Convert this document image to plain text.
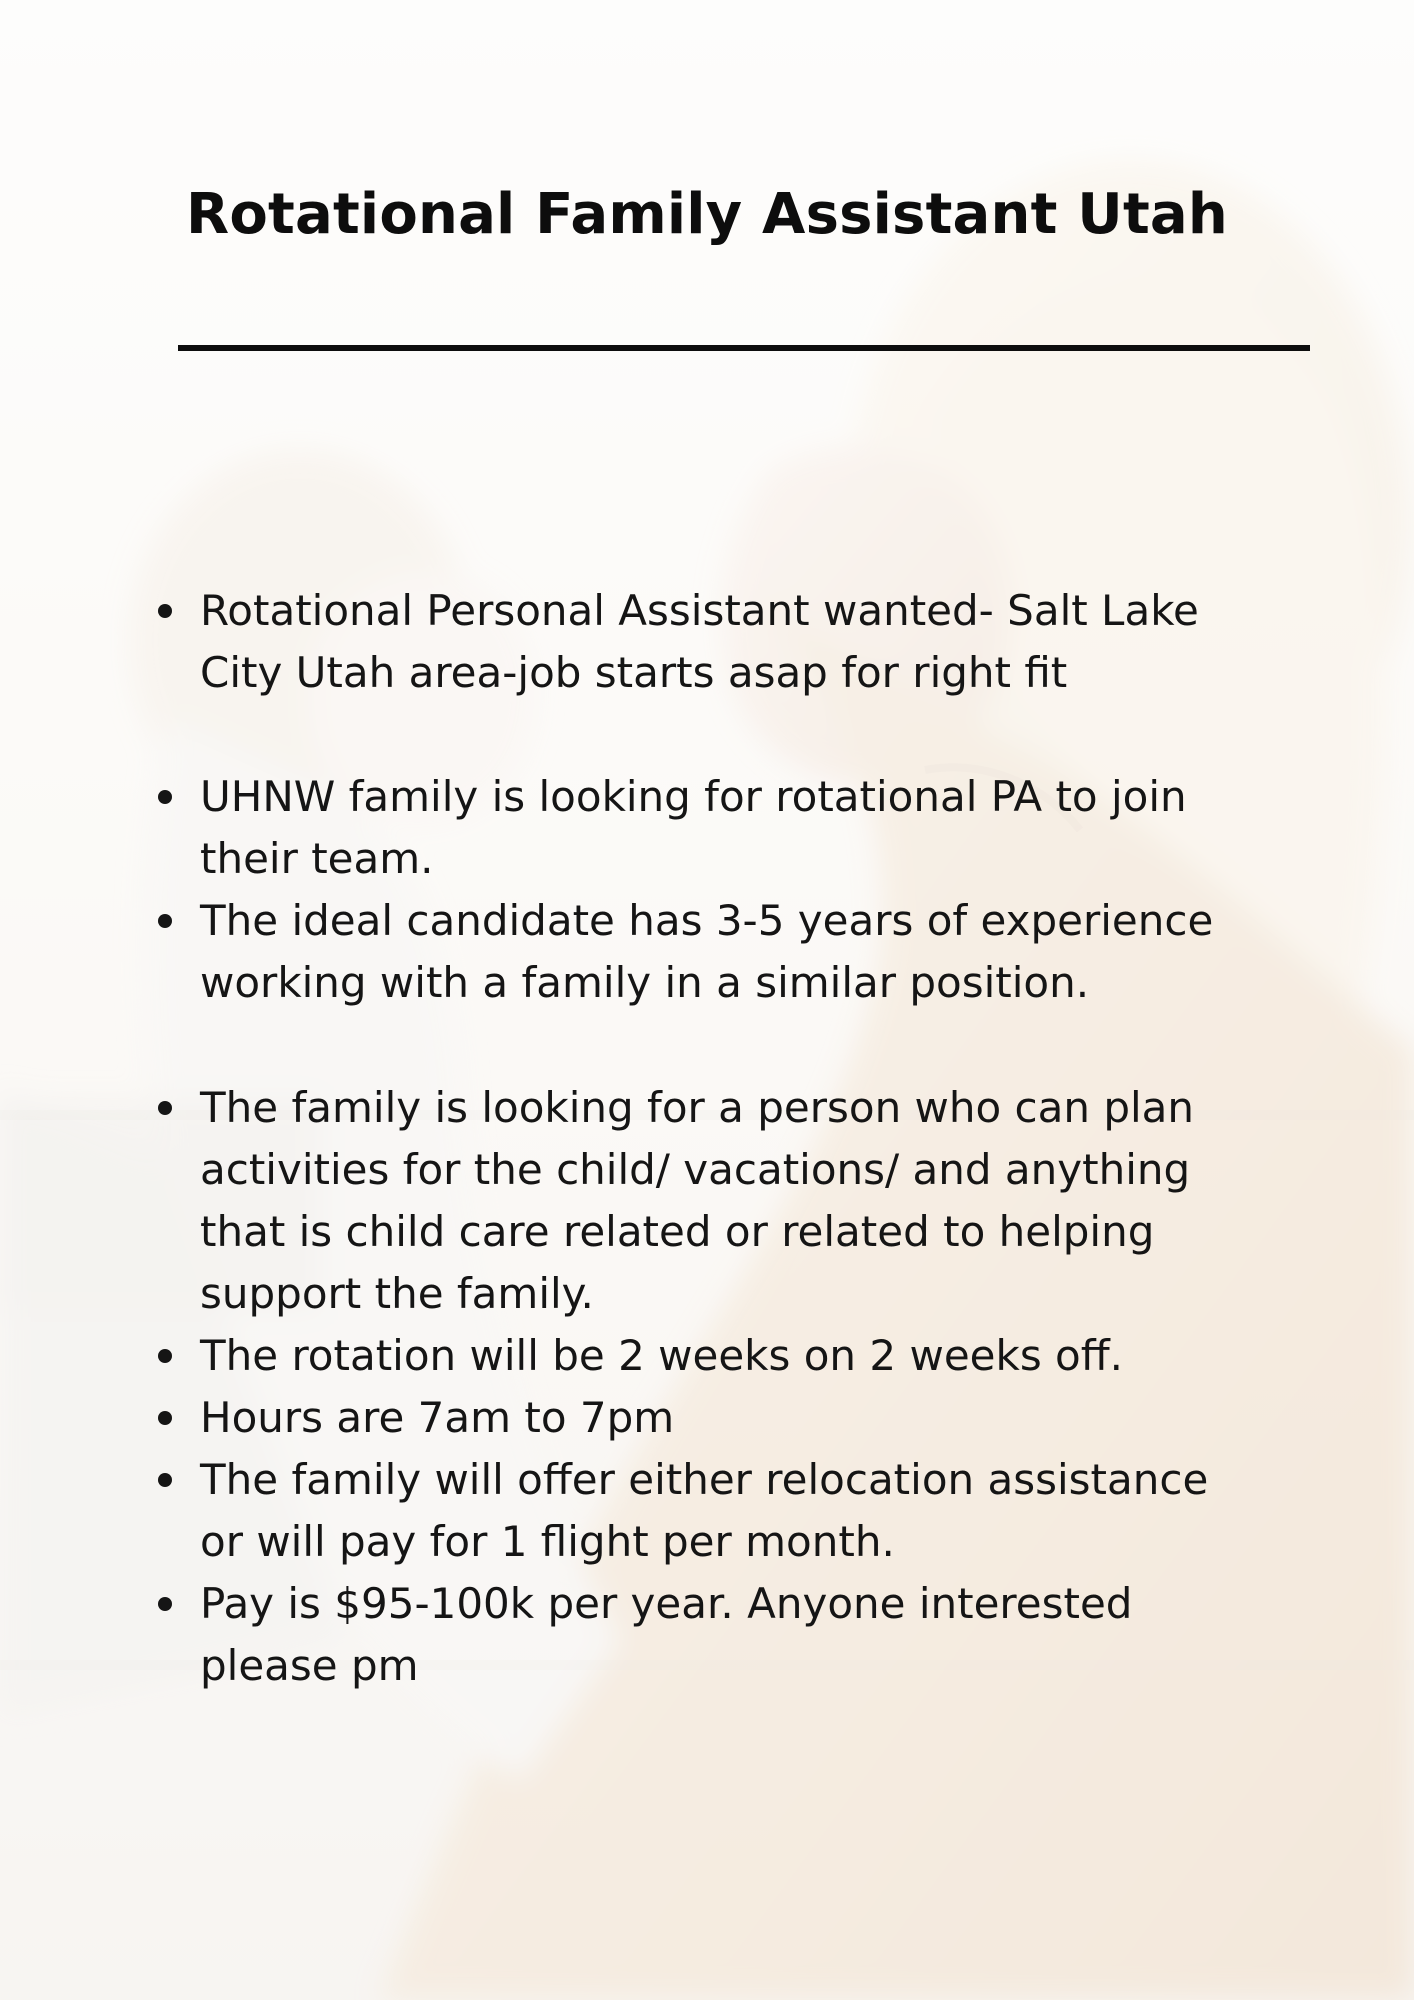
Rotational Family Assistant Utah
Rotational Personal Assistant wanted- Salt Lake City Utah area-job starts asap for right fit
UHNW family is looking for rotational PA to join their team.
The ideal candidate has 3-5 years of experience working with a family in a similar position.
The family is looking for a person who can plan activities for the child/ vacations/ and anything that is child care related or related to helping support the family.
The rotation will be 2 weeks on 2 weeks off.
Hours are 7am to 7pm
The family will offer either relocation assistance or will pay for 1 flight per month.
Pay is $95-100k per year. Anyone interested please pm
